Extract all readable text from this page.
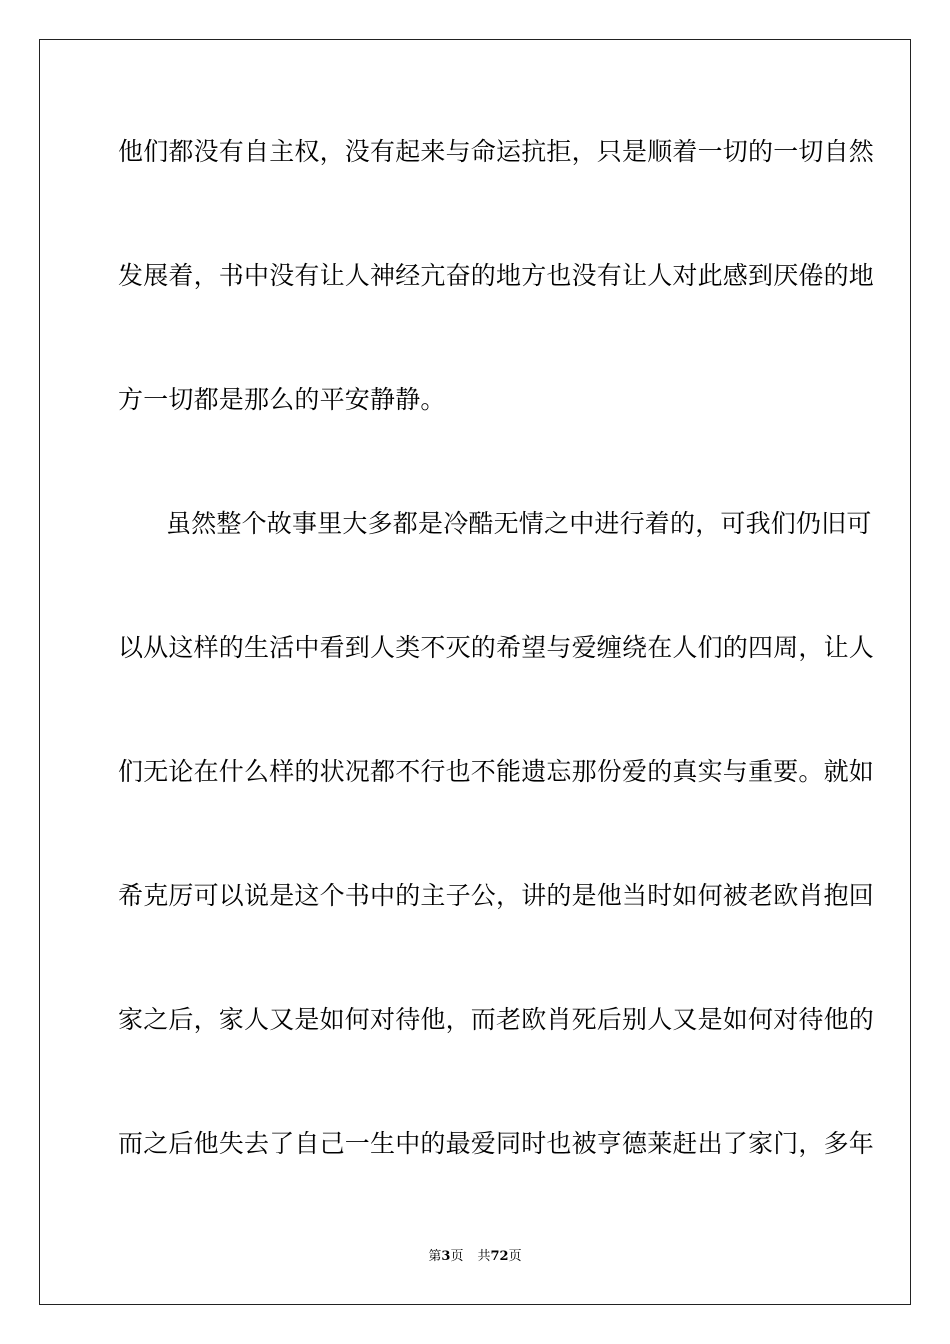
他们都没有自主权，没有起来与命运抗拒，只是顺着一切的一切自然
发展着，书中没有让人神经亢奋的地方也没有让人对此感到厌倦的地
方一切都是那么的平安静静。
虽然整个故事里大多都是冷酷无情之中进行着的，可我们仍旧可
以从这样的生活中看到人类不灭的希望与爱缠绕在人们的四周，让人
们无论在什么样的状况都不行也不能遗忘那份爱的真实与重要。就如
希克厉可以说是这个书中的主子公，讲的是他当时如何被老欧肖抱回
家之后，家人又是如何对待他，而老欧肖死后别人又是如何对待他的
而之后他失去了自己一生中的最爱同时也被亨德莱赶出了家门，多年
第3页 共72页
